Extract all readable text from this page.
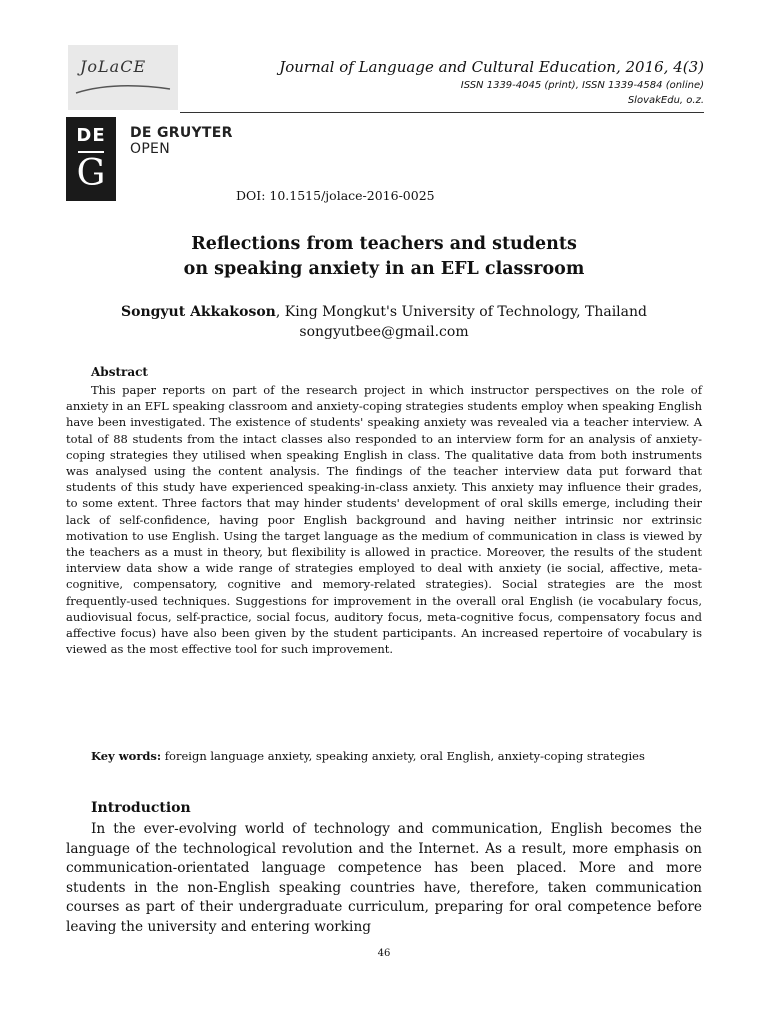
JoLaCE
DE
G
DE GRUYTER
OPEN
Journal of Language and Cultural Education, 2016, 4(3)
ISSN 1339-4045 (print), ISSN 1339-4584 (online)
SlovakEdu, o.z.
DOI: 10.1515/jolace-2016-0025
Reflections from teachers and students
on speaking anxiety in an EFL classroom
Songyut Akkakoson, King Mongkut's University of Technology, Thailand
songyutbee@gmail.com
Abstract

This paper reports on part of the research project in which instructor perspectives on the role of anxiety in an EFL speaking classroom and anxiety-coping strategies students employ when speaking English have been investigated. The existence of students' speaking anxiety was revealed via a teacher interview. A total of 88 students from the intact classes also responded to an interview form for an analysis of anxiety-coping strategies they utilised when speaking English in class. The qualitative data from both instruments was analysed using the content analysis. The findings of the teacher interview data put forward that students of this study have experienced speaking-in-class anxiety. This anxiety may influence their grades, to some extent. Three factors that may hinder students' development of oral skills emerge, including their lack of self-confidence, having poor English background and having neither intrinsic nor extrinsic motivation to use English. Using the target language as the medium of communication in class is viewed by the teachers as a must in theory, but flexibility is allowed in practice. Moreover, the results of the student interview data show a wide range of strategies employed to deal with anxiety (ie social, affective, meta-cognitive, compensatory, cognitive and memory-related strategies). Social strategies are the most frequently-used techniques. Suggestions for improvement in the overall oral English (ie vocabulary focus, audiovisual focus, self-practice, social focus, auditory focus, meta-cognitive focus, compensatory focus and affective focus) have also been given by the student participants. An increased repertoire of vocabulary is viewed as the most effective tool for such improvement.

Key words: foreign language anxiety, speaking anxiety, oral English, anxiety-coping strategies

Introduction

In the ever-evolving world of technology and communication, English becomes the language of the technological revolution and the Internet. As a result, more emphasis on communication-orientated language competence has been placed. More and more students in the non-English speaking countries have, therefore, taken communication courses as part of their undergraduate curriculum, preparing for oral competence before leaving the university and entering working

46
